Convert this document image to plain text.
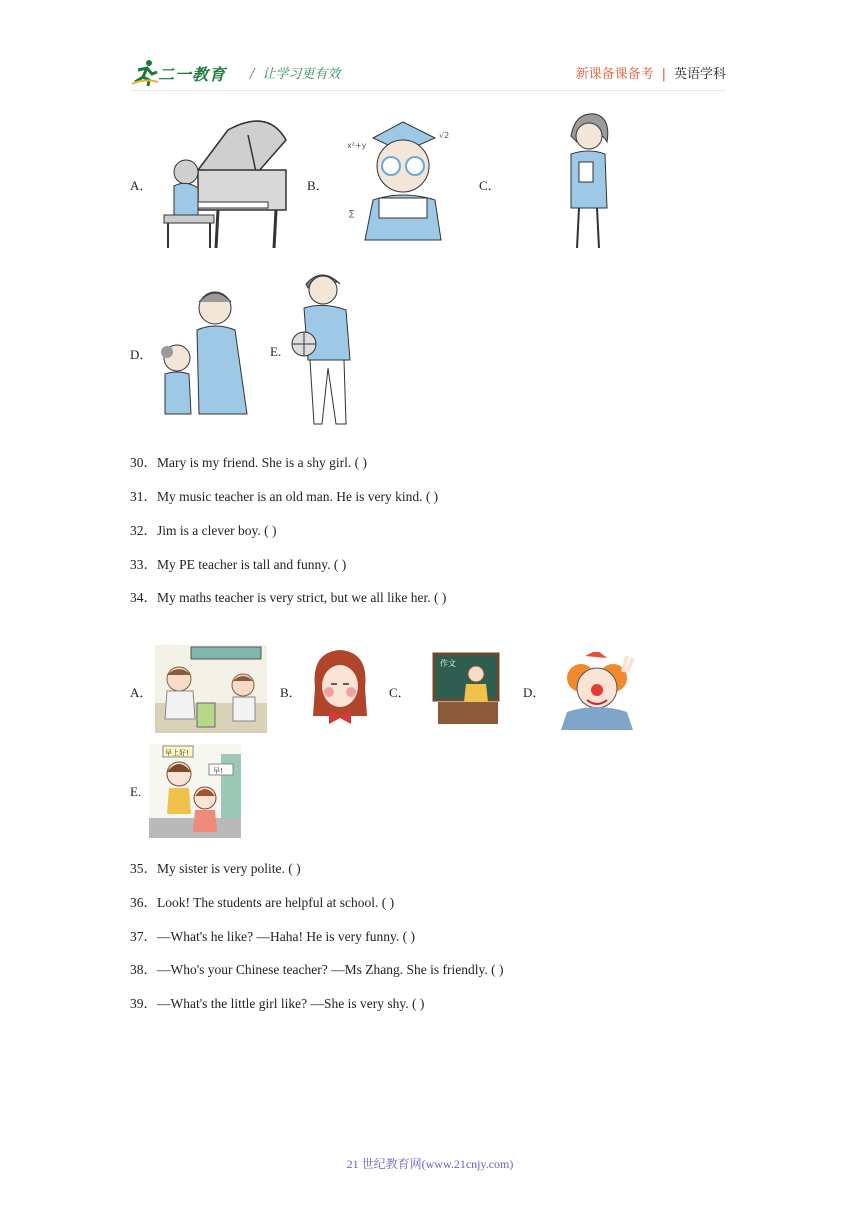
二一教育 / 让学习更有效	新课备课备考 | 英语学科
A．	B．
x²+y
√2
∑
C．
D．	E.
30．Mary is my friend. She is a shy girl. ( )
31．My music teacher is an old man. He is very kind. ( )
32．Jim is a clever boy. ( )
33．My PE teacher is tall and funny. ( )
34．My maths teacher is very strict, but we all like her. ( )
A．	B．	C．
作文
D．
E.
早上好!
早!
35．My sister is very polite. ( )
36．Look! The students are helpful at school. ( )
37．—What's he like? —Haha! He is very funny. ( )
38．—Who's your Chinese teacher? —Ms Zhang. She is friendly. ( )
39．—What's the little girl like? —She is very shy. ( )
21 世纪教育网(www.21cnjy.com)
